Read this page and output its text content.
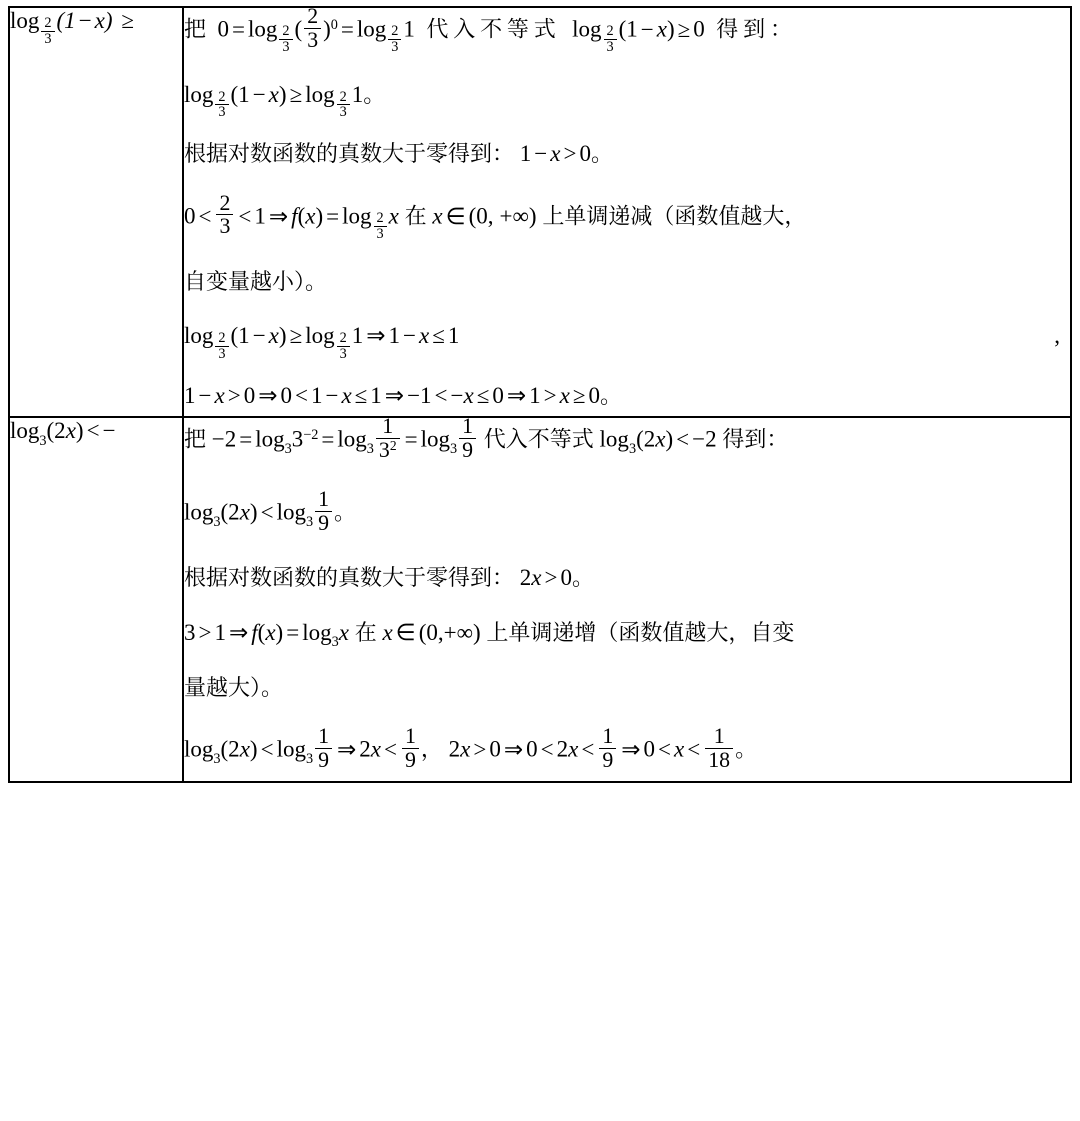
$\log \frac{2}{3} (1 - x)$ ≥	把  $0 = \log \frac{2}{3}$ ( $\frac{2}{3} )0 = \log \frac{2}{3} 1$  代入不等式 $\log \frac{2}{3} (1 - x) \ge 0$  得到：
$\log \frac{2}{3} (1 - x) \ge \log \frac{2}{3} 1$。
根据对数函数的真数大于零得到： 1 − x > 0。
$0 < \frac{2}{3} < 1$ ⇒ $f(x) = \log \frac{2}{3}$ x 在 x ∈ (0, +∞) 上单调递减（函数值越大，
自变量越小）。
$\log \frac{2}{3} (1 - x) \ge \log \frac{2}{3} 1$ ⇒ 1 − x ≤ 1	,
1 − x > 0 ⇒ 0 < 1 − x ≤ 1 ⇒ −1 < −x ≤ 0 ⇒ 1 > x ≥ 0。

log3(2x) < −	把 $-2 = \log 33-2 = \log 3 \frac{1}{32} = \log 3 \frac{1}{9}$ 代入不等式 log3(2x) < −2 得到：
$\log 3(2x) < \log 3 \frac{1}{9}$ 。
根据对数函数的真数大于零得到： 2x > 0。
3 > 1 ⇒ f(x) = log3x 在 x ∈ (0,+∞) 上单调递增（函数值越大，自变
量越大）。
$\log 3(2x) < \log 3 \frac{1}{9}$ ⇒ $2x < \frac{1}{9}$ ， 2x > 0 ⇒ $0 < 2x < \frac{1}{9}$ ⇒ $0 < x < \frac{1}{18}$ 。
